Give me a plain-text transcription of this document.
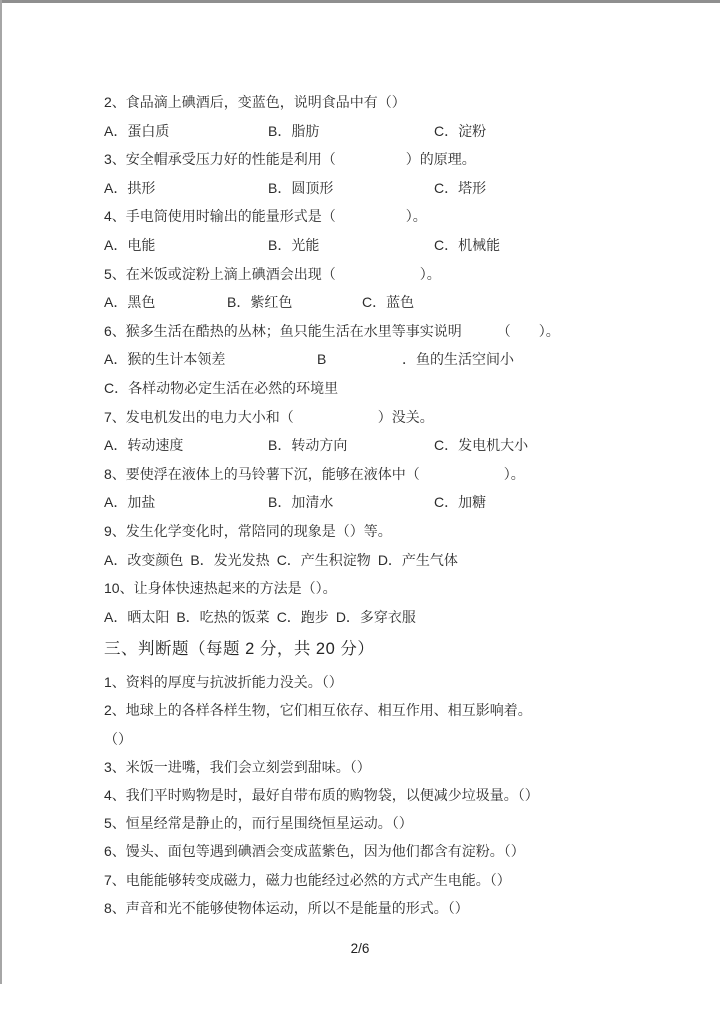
2、食品滴上碘酒后，变蓝色，说明食品中有（）
A．蛋白质	B．脂肪	C．淀粉
3、安全帽承受压力好的性能是利用（　　　　　）的原理。
A．拱形	B．圆顶形	C．塔形
4、手电筒使用时输出的能量形式是（　　　　　）。
A．电能	B．光能	C．机械能
5、在米饭或淀粉上滴上碘酒会出现（　　　　　　）。
A．黑色	B．紫红色	C．蓝色
6、猴多生活在酷热的丛林；鱼只能生活在水里等事实说明　　　（　　）。
A．猴的生计本领差	B	．鱼的生活空间小
C．各样动物必定生活在必然的环境里
7、发电机发出的电力大小和（　　　　　　）没关。
A．转动速度	B．转动方向	C．发电机大小
8、要使浮在液体上的马铃薯下沉，能够在液体中（　　　　　　）。
A．加盐	B．加清水	C．加糖
9、发生化学变化时，常陪同的现象是（）等。
A．改变颜色 B．发光发热 C．产生积淀物 D．产生气体
10、让身体快速热起来的方法是（）。
A．晒太阳 B．吃热的饭菜 C．跑步 D．多穿衣服
三、判断题（每题 2 分，共 20 分）
1、资料的厚度与抗波折能力没关。（）
2、地球上的各样各样生物，它们相互依存、相互作用、相互影响着。
（）
3、米饭一进嘴，我们会立刻尝到甜味。（）
4、我们平时购物是时，最好自带布质的购物袋，以便减少垃圾量。（）
5、恒星经常是静止的，而行星围绕恒星运动。（）
6、馒头、面包等遇到碘酒会变成蓝紫色，因为他们都含有淀粉。（）
7、电能能够转变成磁力，磁力也能经过必然的方式产生电能。（）
8、声音和光不能够使物体运动，所以不是能量的形式。（）
2/6
